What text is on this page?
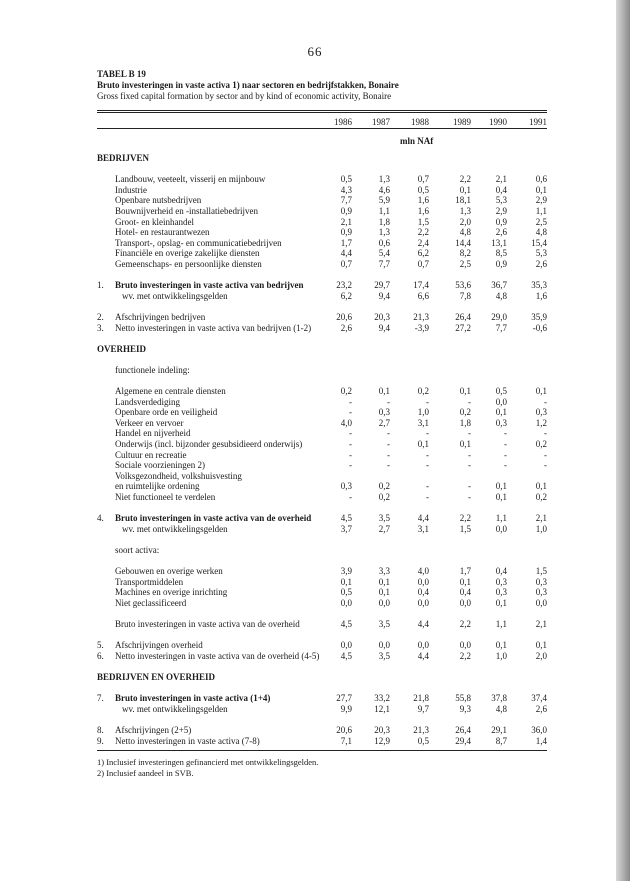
66
TABEL B 19
Bruto investeringen in vaste activa 1) naar sectoren en bedrijfstakken, Bonaire
Gross fixed capital formation by sector and by kind of economic activity, Bonaire
1986	1987	1988	1989	1990	1991
mln NAf
BEDRIJVEN
Landbouw, veeteelt, visserij en mijnbouw	0,5	1,3	0,7	2,2	2,1	0,6
Industrie	4,3	4,6	0,5	0,1	0,4	0,1
Openbare nutsbedrijven	7,7	5,9	1,6	18,1	5,3	2,9
Bouwnijverheid en -installatiebedrijven	0,9	1,1	1,6	1,3	2,9	1,1
Groot- en kleinhandel	2,1	1,8	1,5	2,0	0,9	2,5
Hotel- en restaurantwezen	0,9	1,3	2,2	4,8	2,6	4,8
Transport-, opslag- en communicatiebedrijven	1,7	0,6	2,4	14,4	13,1	15,4
Financiële en overige zakelijke diensten	4,4	5,4	6,2	8,2	8,5	5,3
Gemeenschaps- en persoonlijke diensten	0,7	7,7	0,7	2,5	0,9	2,6
1. Bruto investeringen in vaste activa van bedrijven	23,2	29,7	17,4	53,6	36,7	35,3
wv. met ontwikkelingsgelden	6,2	9,4	6,6	7,8	4,8	1,6
2. Afschrijvingen bedrijven	20,6	20,3	21,3	26,4	29,0	35,9
3. Netto investeringen in vaste activa van bedrijven (1-2)	2,6	9,4	-3,9	27,2	7,7	-0,6
OVERHEID
functionele indeling:
Algemene en centrale diensten	0,2	0,1	0,2	0,1	0,5	0,1
Landsverdediging	-	-	-	-	0,0	-
Openbare orde en veiligheid	-	0,3	1,0	0,2	0,1	0,3
Verkeer en vervoer	4,0	2,7	3,1	1,8	0,3	1,2
Handel en nijverheid	-	-	-	-	-	-
Onderwijs (incl. bijzonder gesubsidieerd onderwijs)	-	-	0,1	0,1	-	0,2
Cultuur en recreatie	-	-	-	-	-	-
Sociale voorzieningen 2)	-	-	-	-	-	-
Volksgezondheid, volkshuisvesting
en ruimtelijke ordening	0,3	0,2	-	-	0,1	0,1
Niet functioneel te verdelen	-	0,2	-	-	0,1	0,2
4. Bruto investeringen in vaste activa van de overheid	4,5	3,5	4,4	2,2	1,1	2,1
wv. met ontwikkelingsgelden	3,7	2,7	3,1	1,5	0,0	1,0
soort activa:
Gebouwen en overige werken	3,9	3,3	4,0	1,7	0,4	1,5
Transportmiddelen	0,1	0,1	0,0	0,1	0,3	0,3
Machines en overige inrichting	0,5	0,1	0,4	0,4	0,3	0,3
Niet geclassificeerd	0,0	0,0	0,0	0,0	0,1	0,0
Bruto investeringen in vaste activa van de overheid	4,5	3,5	4,4	2,2	1,1	2,1
5. Afschrijvingen overheid	0,0	0,0	0,0	0,0	0,1	0,1
6. Netto investeringen in vaste activa van de overheid (4-5)	4,5	3,5	4,4	2,2	1,0	2,0
BEDRIJVEN EN OVERHEID
7. Bruto investeringen in vaste activa (1+4)	27,7	33,2	21,8	55,8	37,8	37,4
wv. met ontwikkelingsgelden	9,9	12,1	9,7	9,3	4,8	2,6
8. Afschrijvingen (2+5)	20,6	20,3	21,3	26,4	29,1	36,0
9. Netto investeringen in vaste activa (7-8)	7,1	12,9	0,5	29,4	8,7	1,4
1) Inclusief investeringen gefinancierd met ontwikkelingsgelden.
2) Inclusief aandeel in SVB.
